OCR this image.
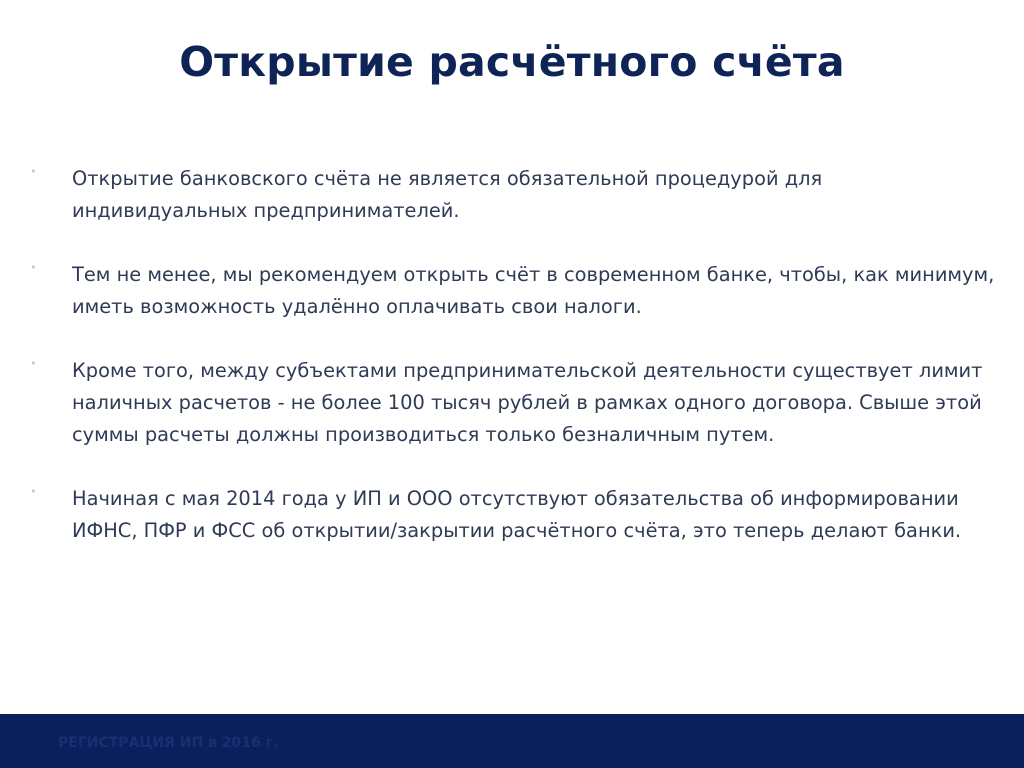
Открытие расчётного счёта
• Открытие банковского счёта не является обязательной процедурой для индивидуальных предпринимателей.
• Тем не менее, мы рекомендуем открыть счёт в современном банке, чтобы, как минимум, иметь возможность удалённо оплачивать свои налоги.
• Кроме того, между субъектами предпринимательской деятельности существует лимит наличных расчетов - не более 100 тысяч рублей в рамках одного договора. Свыше этой суммы расчеты должны производиться только безналичным путем.
• Начиная с мая 2014 года у ИП и ООО отсутствуют обязательства об информировании ИФНС, ПФР и ФСС об открытии/закрытии расчётного счёта, это теперь делают банки.
РЕГИСТРАЦИЯ ИП в 2016 г.
